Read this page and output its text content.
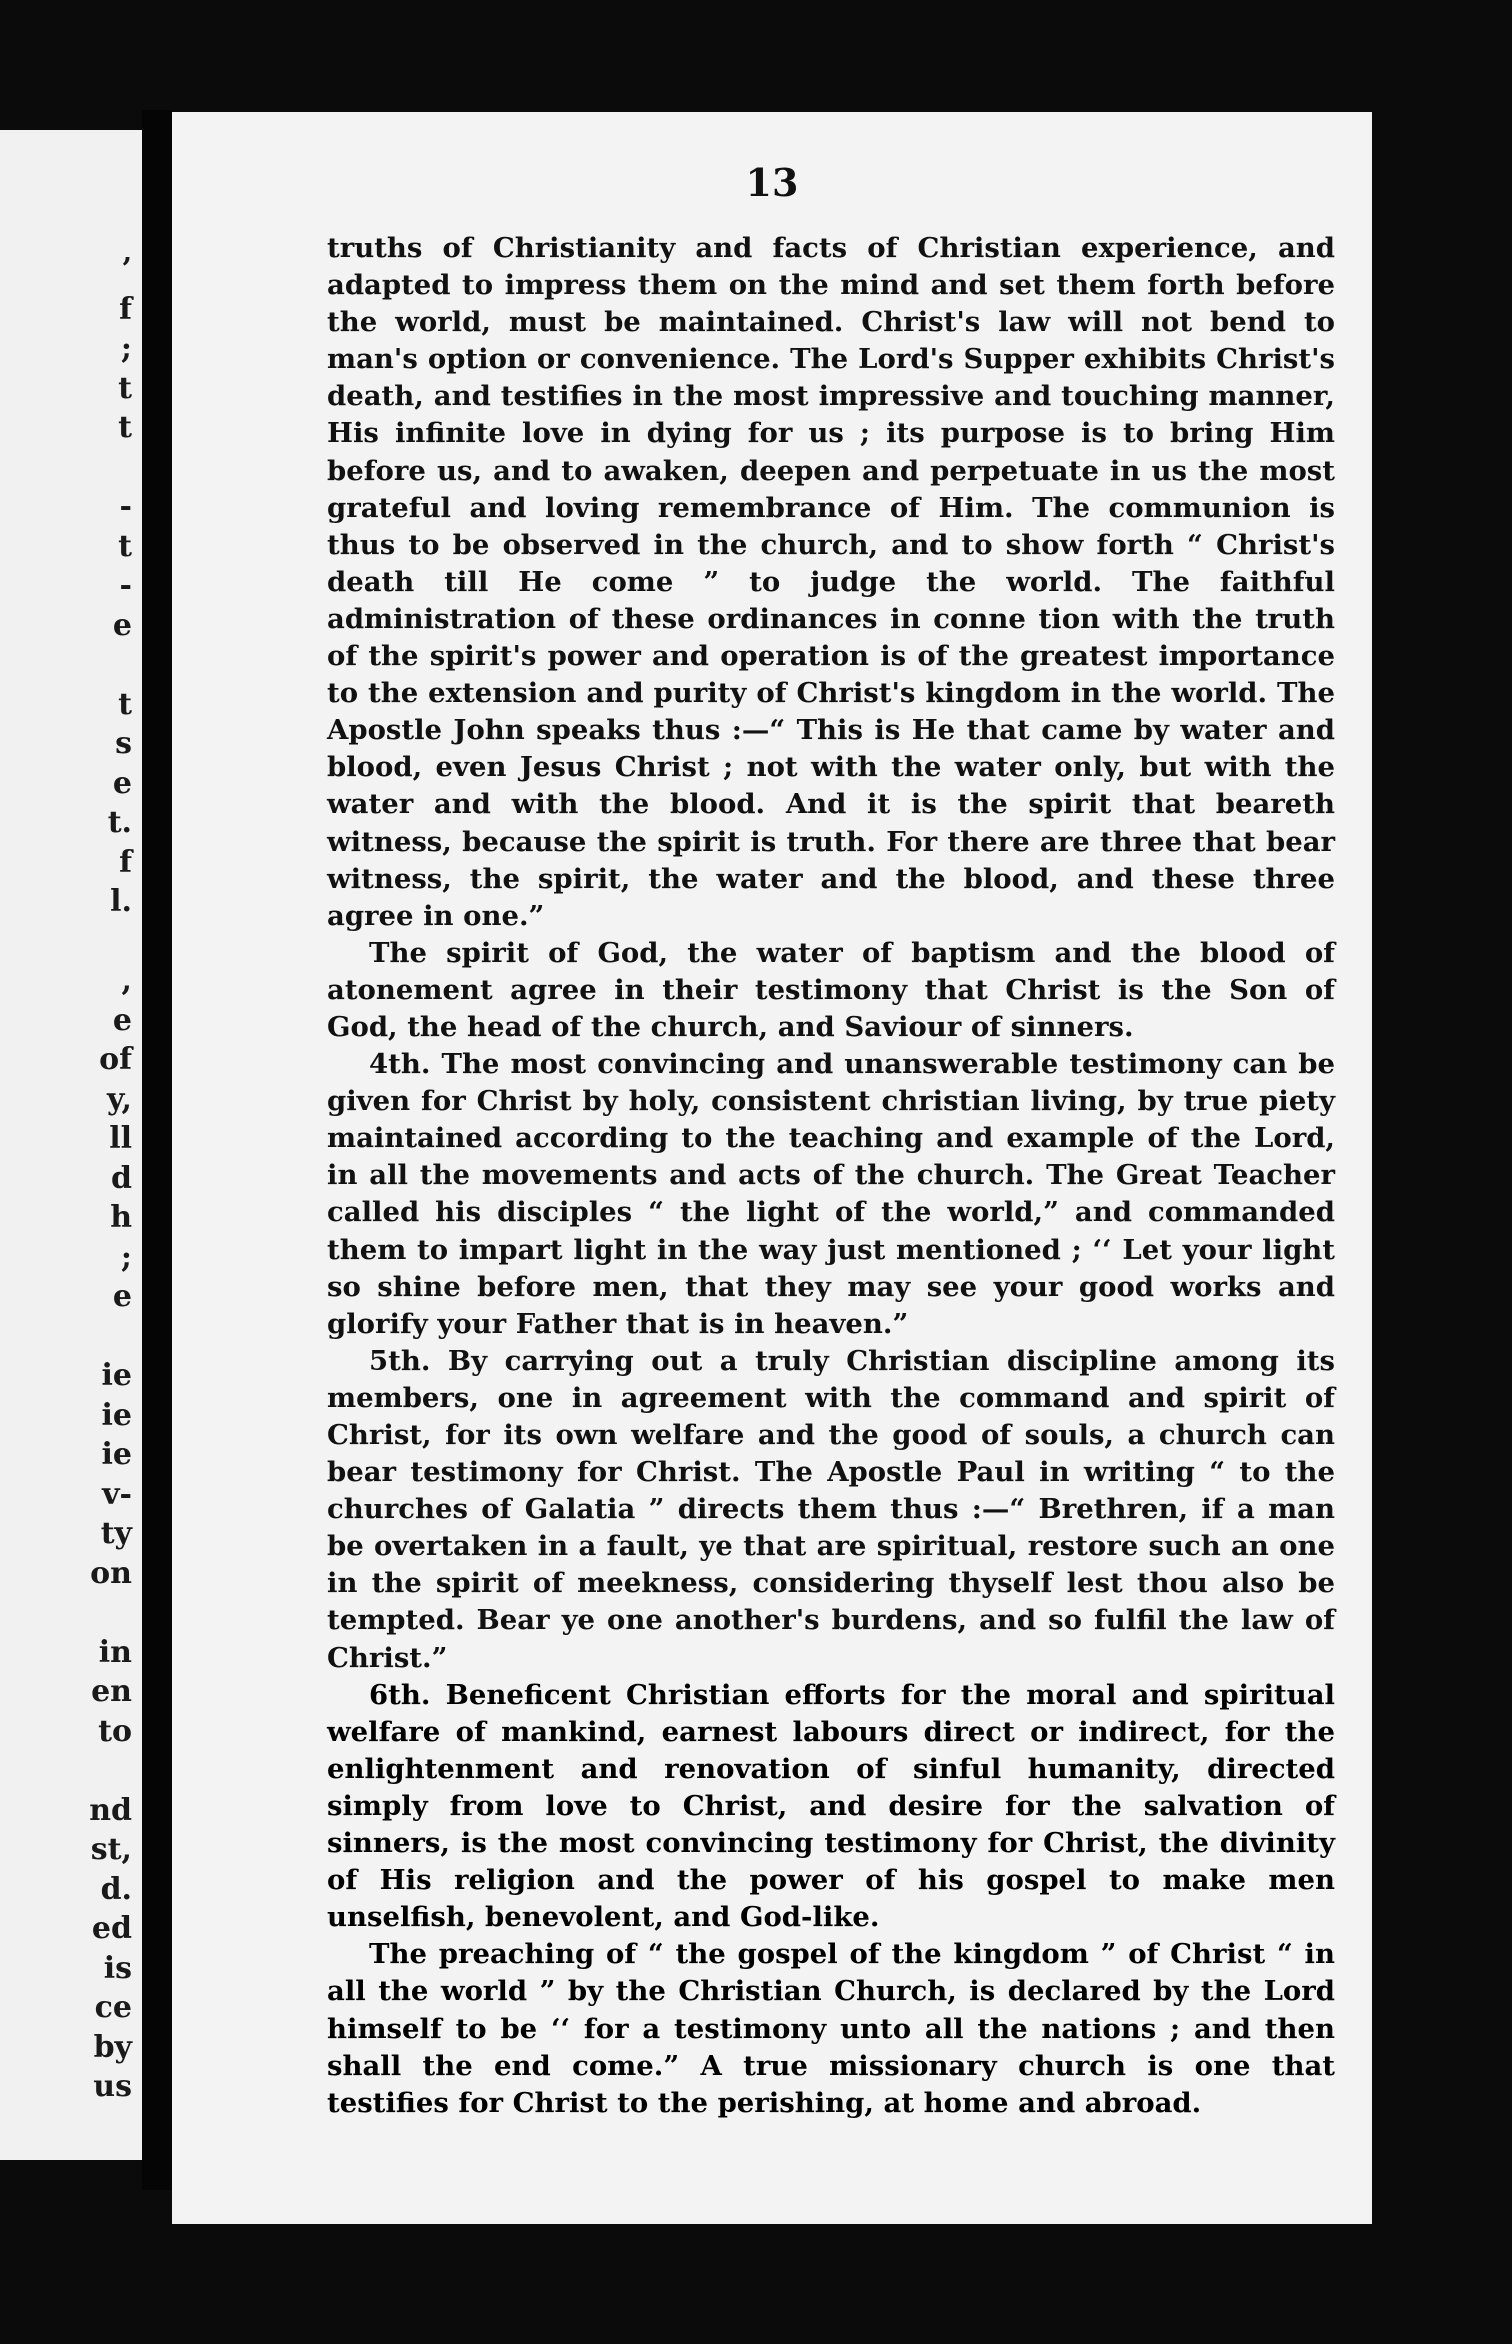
’
f
;
t
t

-
t
-
e

t
s
e
t.
f
l.

,
e
of
y,
ll
d
h
;
e

ie
ie
ie
v-
ty
on

in
en
to

nd
st,
d.
ed
is
ce
by
us
13

truths of Christianity and facts of Christian experience, and adapted to impress them on the mind and set them forth before the world, must be maintained. Christ's law will not bend to man's option or convenience. The Lord's Supper exhibits Christ's death, and testifies in the most impressive and touching manner, His infinite love in dying for us ; its purpose is to bring Him before us, and to awaken, deepen and perpetuate in us the most grateful and loving remembrance of Him. The communion is thus to be observed in the church, and to show forth “ Christ's death till He come ” to judge the world. The faithful administration of these ordinances in conne tion with the truth of the spirit's power and operation is of the greatest importance to the extension and purity of Christ's kingdom in the world. The Apostle John speaks thus :—“ This is He that came by water and blood, even Jesus Christ ; not with the water only, but with the water and with the blood. And it is the spirit that beareth witness, because the spirit is truth. For there are three that bear witness, the spirit, the water and the blood, and these three agree in one.”

The spirit of God, the water of baptism and the blood of atonement agree in their testimony that Christ is the Son of God, the head of the church, and Saviour of sinners.

4th. The most convincing and unanswerable testimony can be given for Christ by holy, consistent christian living, by true piety maintained according to the teaching and example of the Lord, in all the movements and acts of the church. The Great Teacher called his disciples “ the light of the world,” and commanded them to impart light in the way just mentioned ; ‘‘ Let your light so shine before men, that they may see your good works and glorify your Father that is in heaven.”

5th. By carrying out a truly Christian discipline among its members, one in agreement with the command and spirit of Christ, for its own welfare and the good of souls, a church can bear testimony for Christ. The Apostle Paul in writing “ to the churches of Galatia ” directs them thus :—“ Brethren, if a man be overtaken in a fault, ye that are spiritual, restore such an one in the spirit of meekness, considering thyself lest thou also be tempted. Bear ye one another's burdens, and so fulfil the law of Christ.”

6th. Beneficent Christian efforts for the moral and spiritual welfare of mankind, earnest labours direct or indirect, for the enlightenment and renovation of sinful humanity, directed simply from love to Christ, and desire for the salvation of sinners, is the most convincing testimony for Christ, the divinity of His religion and the power of his gospel to make men unselfish, benevolent, and God-like.

The preaching of “ the gospel of the kingdom ” of Christ “ in all the world ” by the Christian Church, is declared by the Lord himself to be ‘‘ for a testimony unto all the nations ; and then shall the end come.” A true missionary church is one that testifies for Christ to the perishing, at home and abroad.
